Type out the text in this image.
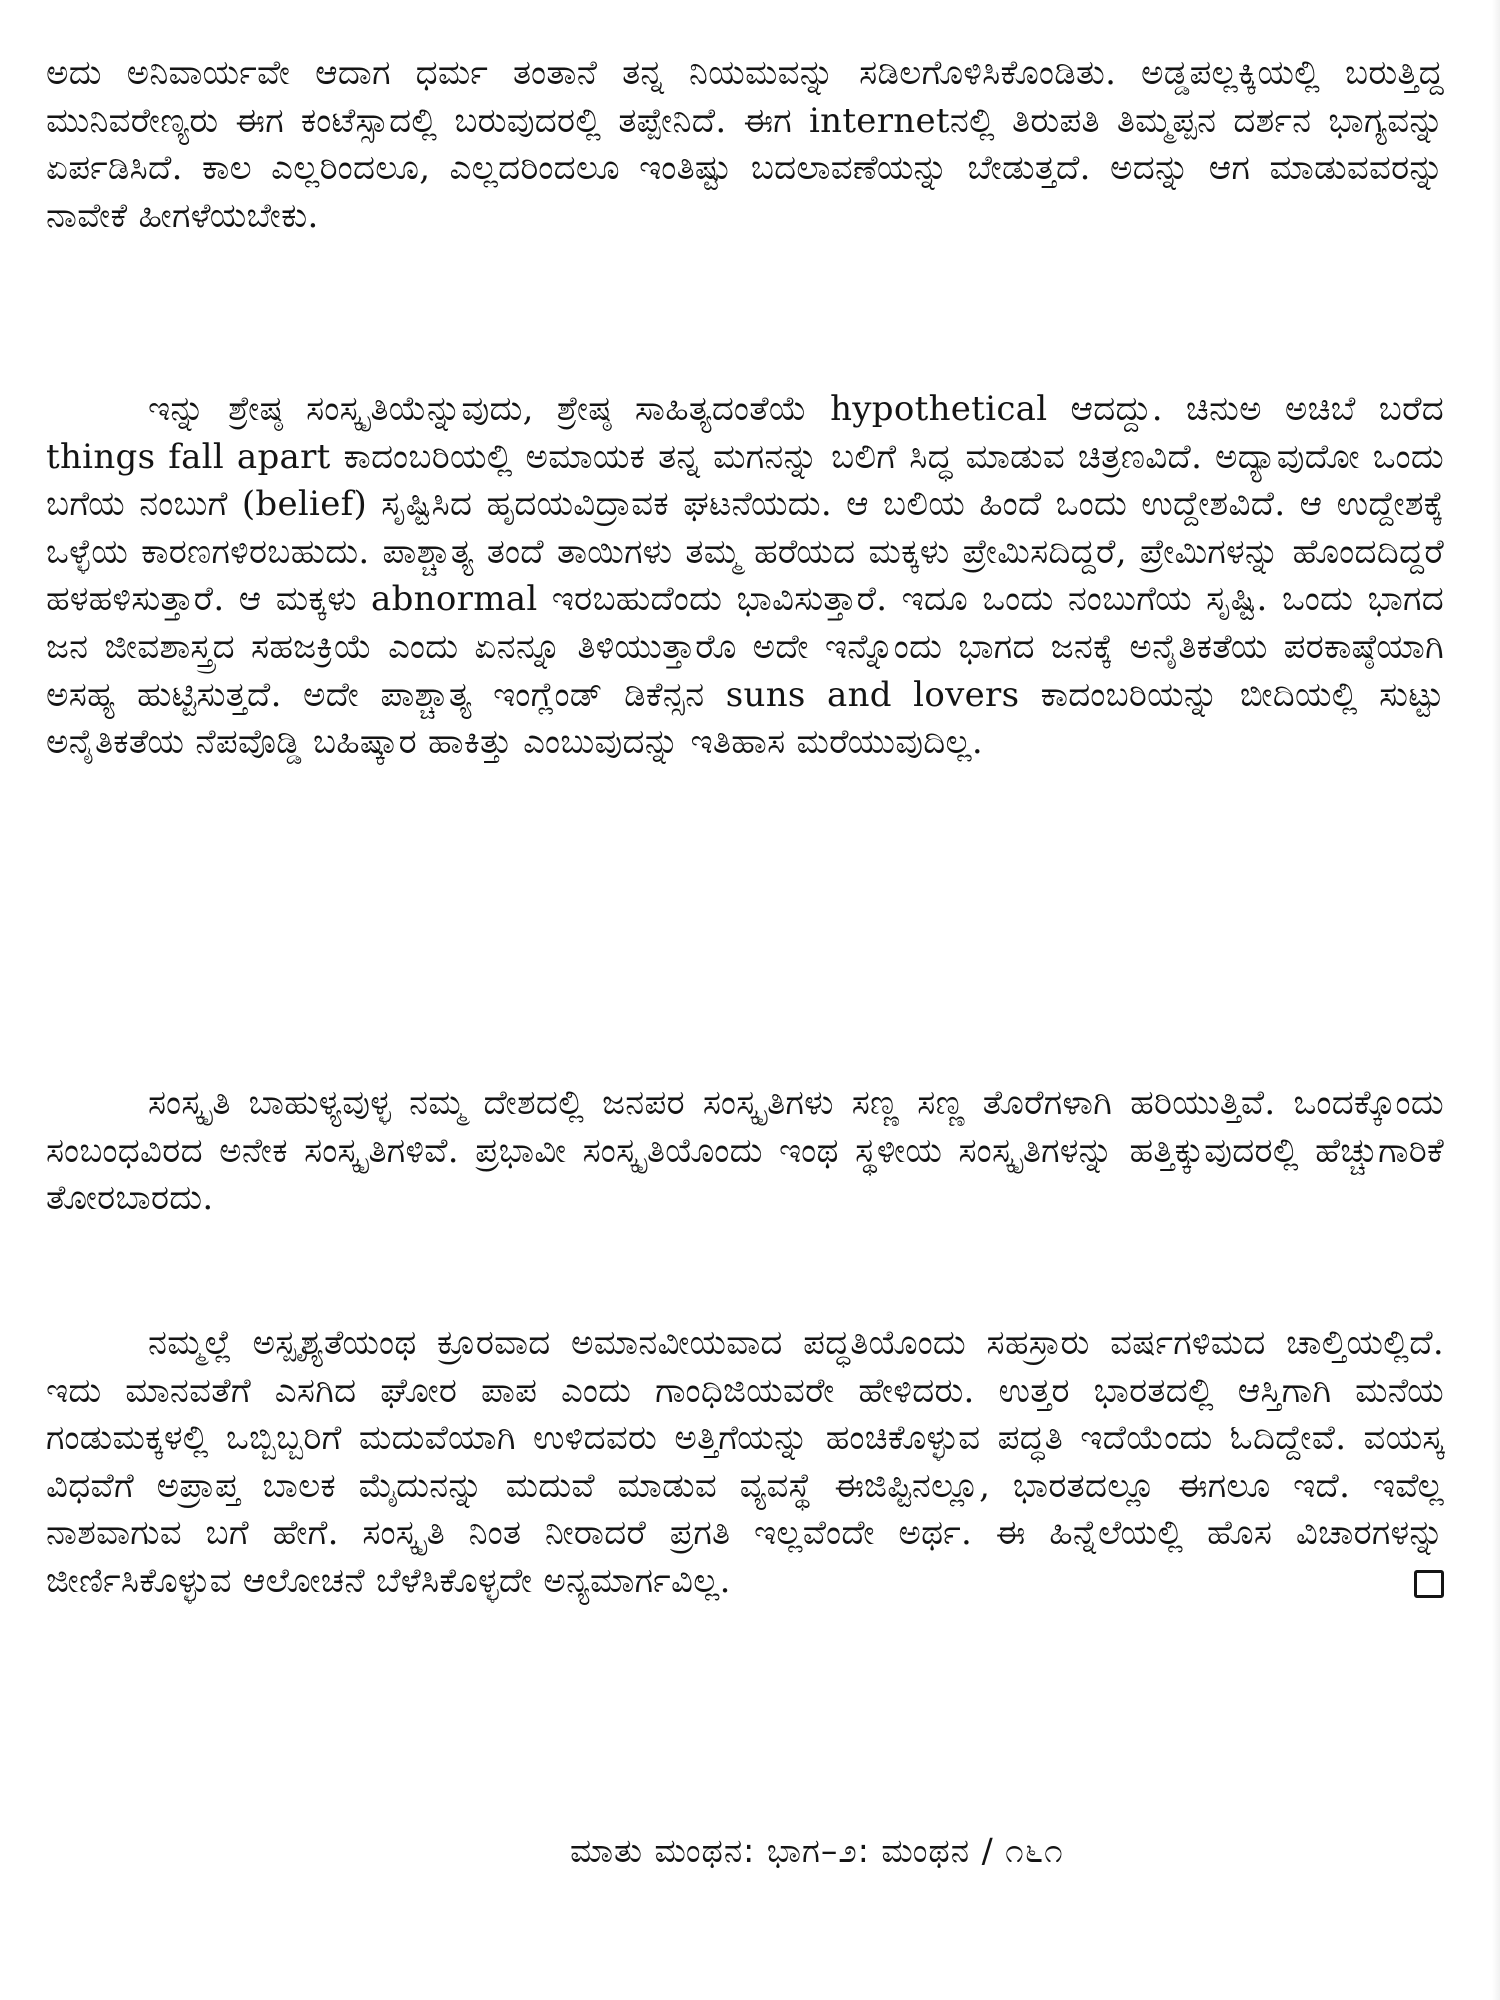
ಅದು ಅನಿವಾರ್ಯವೇ ಆದಾಗ ಧರ್ಮ ತಂತಾನೆ ತನ್ನ ನಿಯಮವನ್ನು ಸಡಿಲಗೊಳಿಸಿಕೊಂಡಿತು. ಅಡ್ಡಪಲ್ಲಕ್ಕಿಯಲ್ಲಿ ಬರುತ್ತಿದ್ದ ಮುನಿವರೇಣ್ಯರು ಈಗ ಕಂಟೆಸ್ಸಾದಲ್ಲಿ ಬರುವುದರಲ್ಲಿ ತಪ್ಪೇನಿದೆ. ಈಗ internetನಲ್ಲಿ ತಿರುಪತಿ ತಿಮ್ಮಪ್ಪನ ದರ್ಶನ ಭಾಗ್ಯವನ್ನು ಏರ್ಪಡಿಸಿದೆ. ಕಾಲ ಎಲ್ಲರಿಂದಲೂ, ಎಲ್ಲದರಿಂದಲೂ ಇಂತಿಷ್ಟು ಬದಲಾವಣೆಯನ್ನು ಬೇಡುತ್ತದೆ. ಅದನ್ನು ಆಗ ಮಾಡುವವರನ್ನು ನಾವೇಕೆ ಹೀಗಳೆಯಬೇಕು.

ಇನ್ನು ಶ್ರೇಷ್ಠ ಸಂಸ್ಕೃತಿಯೆನ್ನುವುದು, ಶ್ರೇಷ್ಠ ಸಾಹಿತ್ಯದಂತೆಯೆ hypothetical ಆದದ್ದು. ಚಿನುಅ ಅಚಿಬೆ ಬರೆದ things fall apart ಕಾದಂಬರಿಯಲ್ಲಿ ಅಮಾಯಕ ತನ್ನ ಮಗನನ್ನು ಬಲಿಗೆ ಸಿದ್ಧ ಮಾಡುವ ಚಿತ್ರಣವಿದೆ. ಅದ್ಯಾವುದೋ ಒಂದು ಬಗೆಯ ನಂಬುಗೆ (belief) ಸೃಷ್ಟಿಸಿದ ಹೃದಯವಿದ್ರಾವಕ ಘಟನೆಯದು. ಆ ಬಲಿಯ ಹಿಂದೆ ಒಂದು ಉದ್ದೇಶವಿದೆ. ಆ ಉದ್ದೇಶಕ್ಕೆ ಒಳ್ಳೆಯ ಕಾರಣಗಳಿರಬಹುದು. ಪಾಶ್ಚಾತ್ಯ ತಂದೆ ತಾಯಿಗಳು ತಮ್ಮ ಹರೆಯದ ಮಕ್ಕಳು ಪ್ರೇಮಿಸದಿದ್ದರೆ, ಪ್ರೇಮಿಗಳನ್ನು ಹೊಂದದಿದ್ದರೆ ಹಳಹಳಿಸುತ್ತಾರೆ. ಆ ಮಕ್ಕಳು abnormal ಇರಬಹುದೆಂದು ಭಾವಿಸುತ್ತಾರೆ. ಇದೂ ಒಂದು ನಂಬುಗೆಯ ಸೃಷ್ಟಿ. ಒಂದು ಭಾಗದ ಜನ ಜೀವಶಾಸ್ತ್ರದ ಸಹಜಕ್ರಿಯೆ ಎಂದು ಏನನ್ನೂ ತಿಳಿಯುತ್ತಾರೊ ಅದೇ ಇನ್ನೊಂದು ಭಾಗದ ಜನಕ್ಕೆ ಅನೈತಿಕತೆಯ ಪರಕಾಷ್ಠೆಯಾಗಿ ಅಸಹ್ಯ ಹುಟ್ಟಿಸುತ್ತದೆ. ಅದೇ ಪಾಶ್ಚಾತ್ಯ ಇಂಗ್ಲೆಂಡ್ ಡಿಕೆನ್ಸನ suns and lovers ಕಾದಂಬರಿಯನ್ನು ಬೀದಿಯಲ್ಲಿ ಸುಟ್ಟು ಅನೈತಿಕತೆಯ ನೆಪವೊಡ್ಡಿ ಬಹಿಷ್ಕಾರ ಹಾಕಿತ್ತು ಎಂಬುವುದನ್ನು ಇತಿಹಾಸ ಮರೆಯುವುದಿಲ್ಲ.

ಸಂಸ್ಕೃತಿ ಬಾಹುಳ್ಯವುಳ್ಳ ನಮ್ಮ ದೇಶದಲ್ಲಿ ಜನಪರ ಸಂಸ್ಕೃತಿಗಳು ಸಣ್ಣ ಸಣ್ಣ ತೊರೆಗಳಾಗಿ ಹರಿಯುತ್ತಿವೆ. ಒಂದಕ್ಕೊಂದು ಸಂಬಂಧವಿರದ ಅನೇಕ ಸಂಸ್ಕೃತಿಗಳಿವೆ. ಪ್ರಭಾವೀ ಸಂಸ್ಕೃತಿಯೊಂದು ಇಂಥ ಸ್ಥಳೀಯ ಸಂಸ್ಕೃತಿಗಳನ್ನು ಹತ್ತಿಕ್ಕುವುದರಲ್ಲಿ ಹೆಚ್ಚುಗಾರಿಕೆ ತೋರಬಾರದು.

ನಮ್ಮಲ್ಲೆ ಅಸ್ಪೃಶ್ಯತೆಯಂಥ ಕ್ರೂರವಾದ ಅಮಾನವೀಯವಾದ ಪದ್ಧತಿಯೊಂದು ಸಹಸ್ರಾರು ವರ್ಷಗಳಿಮದ ಚಾಲ್ತಿಯಲ್ಲಿದೆ. ಇದು ಮಾನವತೆಗೆ ಎಸಗಿದ ಘೋರ ಪಾಪ ಎಂದು ಗಾಂಧಿಜಿಯವರೇ ಹೇಳಿದರು. ಉತ್ತರ ಭಾರತದಲ್ಲಿ ಆಸ್ತಿಗಾಗಿ ಮನೆಯ ಗಂಡುಮಕ್ಕಳಲ್ಲಿ ಒಬ್ಬಿಬ್ಬರಿಗೆ ಮದುವೆಯಾಗಿ ಉಳಿದವರು ಅತ್ತಿಗೆಯನ್ನು ಹಂಚಿಕೊಳ್ಳುವ ಪದ್ಧತಿ ಇದೆಯೆಂದು ಓದಿದ್ದೇವೆ. ವಯಸ್ಕ ವಿಧವೆಗೆ ಅಪ್ರಾಪ್ತ ಬಾಲಕ ಮೈದುನನ್ನು ಮದುವೆ ಮಾಡುವ ವ್ಯವಸ್ಥೆ ಈಜಿಪ್ಟಿನಲ್ಲೂ, ಭಾರತದಲ್ಲೂ ಈಗಲೂ ಇದೆ. ಇವೆಲ್ಲ ನಾಶವಾಗುವ ಬಗೆ ಹೇಗೆ. ಸಂಸ್ಕೃತಿ ನಿಂತ ನೀರಾದರೆ ಪ್ರಗತಿ ಇಲ್ಲವೆಂದೇ ಅರ್ಥ. ಈ ಹಿನ್ನೆಲೆಯಲ್ಲಿ ಹೊಸ ವಿಚಾರಗಳನ್ನು ಜೀರ್ಣಿಸಿಕೊಳ್ಳುವ ಆಲೋಚನೆ ಬೆಳೆಸಿಕೊಳ್ಳದೇ ಅನ್ಯಮಾರ್ಗವಿಲ್ಲ.

ಮಾತು ಮಂಥನ: ಭಾಗ–೨: ಮಂಥನ / ೧೬೧
